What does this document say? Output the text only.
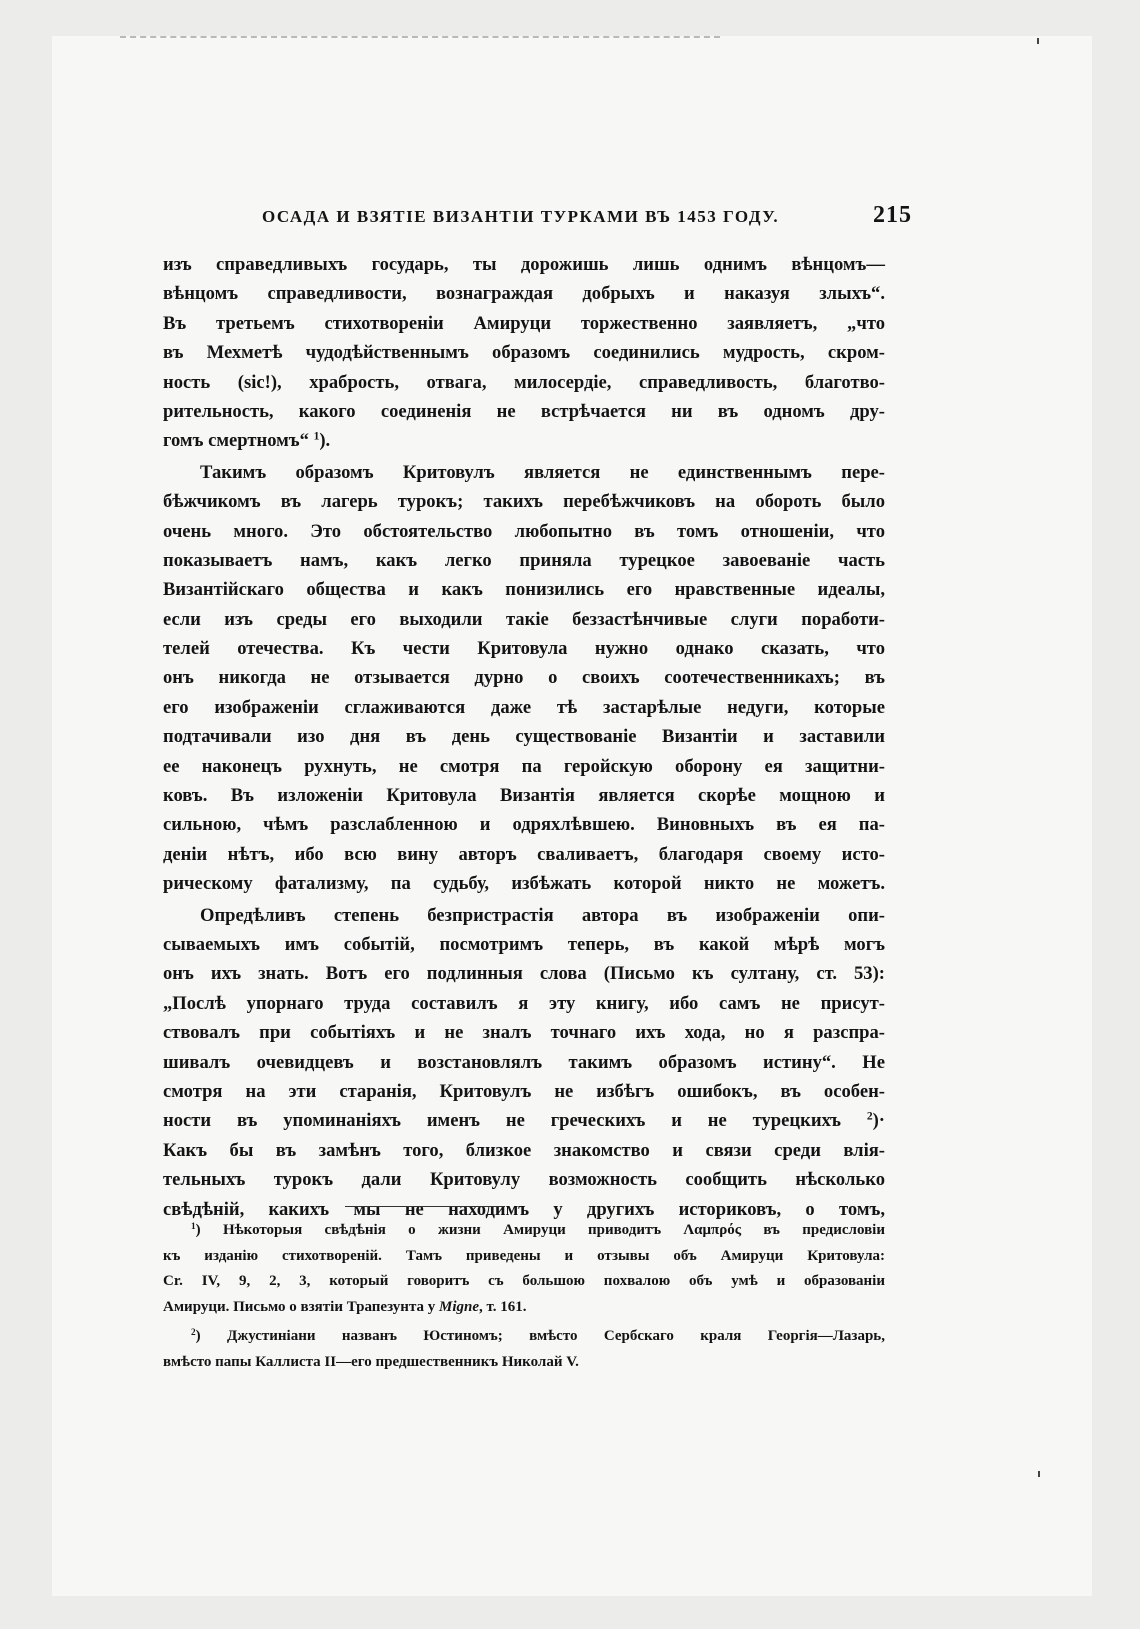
ОСАДА И ВЗЯТІЕ ВИЗАНТІИ ТУРКАМИ ВЪ 1453 ГОДУ.	215
изъ справедливыхъ государь, ты дорожишь лишь однимъ вѣнцомъ—
вѣнцомъ справедливости, вознаграждая добрыхъ и наказуя злыхъ“.
Въ третьемъ стихотвореніи Амируци торжественно заявляетъ, „что
въ Мехметѣ чудодѣйственнымъ образомъ соединились мудрость, скром-
ность (sic!), храбрость, отвага, милосердіе, справедливость, благотво-
рительность, какого соединенія не встрѣчается ни въ одномъ дру-
гомъ смертномъ“ $^1$).
Такимъ образомъ Критовулъ является не единственнымъ пере-
бѣжчикомъ въ лагерь турокъ; такихъ перебѣжчиковъ на обороть было
очень много. Это обстоятельство любопытно въ томъ отношеніи, что
показываетъ намъ, какъ легко приняла турецкое завоеваніе часть
Византійскаго общества и какъ понизились его нравственные идеалы,
если изъ среды его выходили такіе беззастѣнчивые слуги поработи-
телей отечества. Къ чести Критовула нужно однако сказать, что
онъ никогда не отзывается дурно о своихъ соотечественникахъ; въ
его изображеніи сглаживаются даже тѣ застарѣлые недуги, которые
подтачивали изо дня въ день существованіе Византіи и заставили
ее наконецъ рухнуть, не смотря па геройскую оборону ея защитни-
ковъ. Въ изложеніи Критовула Византія является скорѣе мощною и
сильною, чѣмъ разслабленною и одряхлѣвшею. Виновныхъ въ ея па-
деніи нѣтъ, ибо всю вину авторъ сваливаетъ, благодаря своему исто-
рическому фатализму, па судьбу, избѣжать которой никто не можетъ.
Опредѣливъ степень безпристрастія автора въ изображеніи опи-
сываемыхъ имъ событій, посмотримъ теперь, въ какой мѣрѣ могъ
онъ ихъ знать. Вотъ его подлинныя слова (Письмо къ султану, ст. 53):
„Послѣ упорнаго труда составилъ я эту книгу, ибо самъ не присут-
ствовалъ при событіяхъ и не зналъ точнаго ихъ хода, но я разспра-
шивалъ очевидцевъ и возстановлялъ такимъ образомъ истину“. Не
смотря на эти старанія, Критовулъ не избѣгъ ошибокъ, въ особен-
ности въ упоминаніяхъ именъ не греческихъ и не турецкихъ $^2$)·
Какъ бы въ замѣнъ того, близкое знакомство и связи среди влія-
тельныхъ турокъ дали Критовулу возможность сообщить нѣсколько
свѣдѣній, какихъ мы не находимъ у другихъ историковъ, о томъ,
$^1$) Нѣкоторыя свѣдѣнія о жизни Амируци приводитъ Λαμπρός въ предисловіи
къ изданію стихотвореній. Тамъ приведены и отзывы объ Амируци Критовула:
Cr. IV, 9, 2, 3, который говоритъ съ большою похвалою объ умѣ и образованіи
Амируци. Письмо о взятіи Трапезунта у Migne, т. 161.
$^2$) Джустиніани названъ Юстиномъ; вмѣсто Сербскаго краля Георгія—Лазарь,
вмѣсто папы Каллиста II—его предшественникъ Николай V.
